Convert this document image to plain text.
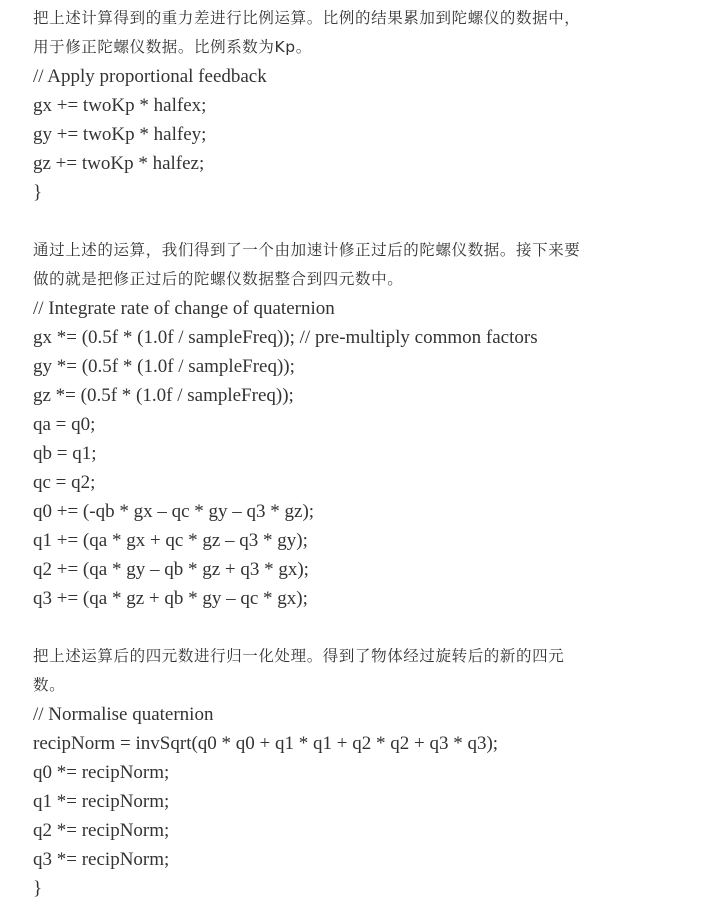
把上述计算得到的重力差进行比例运算。比例的结果累加到陀螺仪的数据中，
用于修正陀螺仪数据。比例系数为Kp。
// Apply proportional feedback
gx += twoKp * halfex;
gy += twoKp * halfey;
gz += twoKp * halfez;
}
通过上述的运算，我们得到了一个由加速计修正过后的陀螺仪数据。接下来要
做的就是把修正过后的陀螺仪数据整合到四元数中。
// Integrate rate of change of quaternion
gx *= (0.5f * (1.0f / sampleFreq)); // pre-multiply common factors
gy *= (0.5f * (1.0f / sampleFreq));
gz *= (0.5f * (1.0f / sampleFreq));
qa = q0;
qb = q1;
qc = q2;
q0 += (-qb * gx – qc * gy – q3 * gz);
q1 += (qa * gx + qc * gz – q3 * gy);
q2 += (qa * gy – qb * gz + q3 * gx);
q3 += (qa * gz + qb * gy – qc * gx);
把上述运算后的四元数进行归一化处理。得到了物体经过旋转后的新的四元
数。
// Normalise quaternion
recipNorm = invSqrt(q0 * q0 + q1 * q1 + q2 * q2 + q3 * q3);
q0 *= recipNorm;
q1 *= recipNorm;
q2 *= recipNorm;
q3 *= recipNorm;
}
